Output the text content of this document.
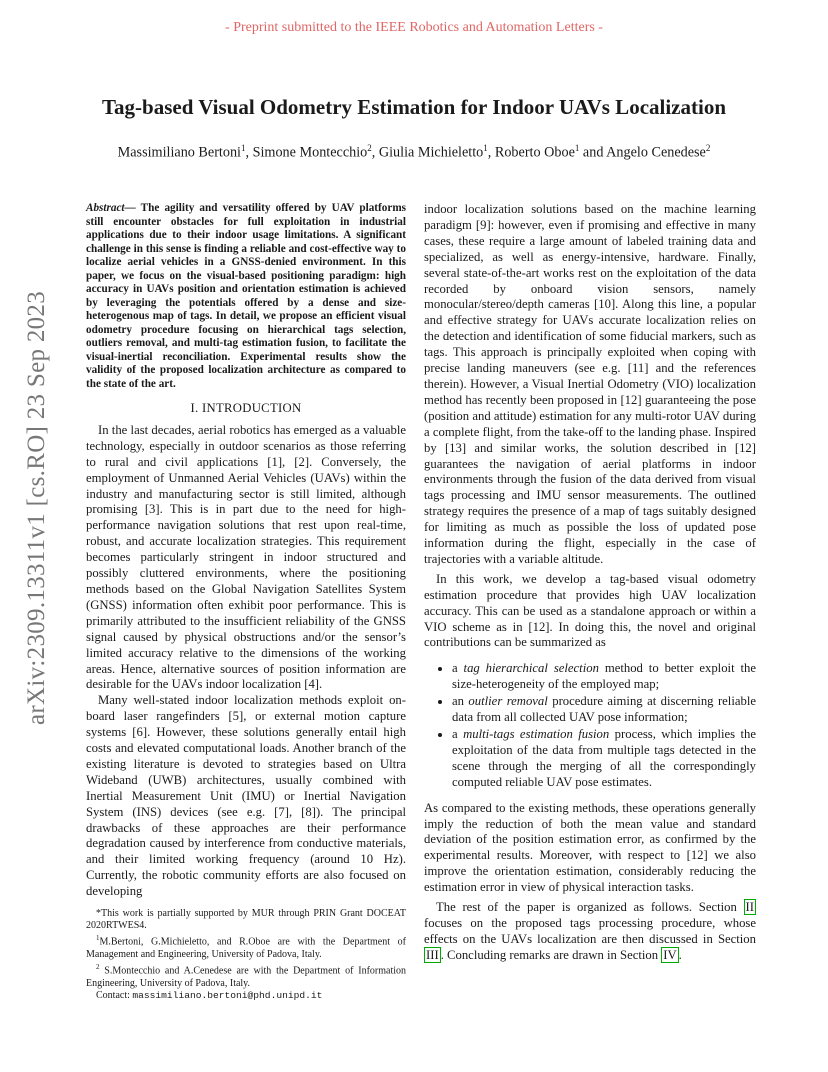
- Preprint submitted to the IEEE Robotics and Automation Letters -
arXiv:2309.13311v1 [cs.RO] 23 Sep 2023
Tag-based Visual Odometry Estimation for Indoor UAVs Localization
Massimiliano Bertoni$^1$, Simone Montecchio$^2$, Giulia Michieletto$^1$, Roberto Oboe$^1$ and Angelo Cenedese$^2$

Abstract— The agility and versatility offered by UAV platforms still encounter obstacles for full exploitation in industrial applications due to their indoor usage limitations. A significant challenge in this sense is finding a reliable and cost-effective way to localize aerial vehicles in a GNSS-denied environment. In this paper, we focus on the visual-based positioning paradigm: high accuracy in UAVs position and orientation estimation is achieved by leveraging the potentials offered by a dense and size-heterogenous map of tags. In detail, we propose an efficient visual odometry procedure focusing on hierarchical tags selection, outliers removal, and multi-tag estimation fusion, to facilitate the visual-inertial reconciliation. Experimental results show the validity of the proposed localization architecture as compared to the state of the art.

I. INTRODUCTION

In the last decades, aerial robotics has emerged as a valuable technology, especially in outdoor scenarios as those referring to rural and civil applications [1], [2]. Conversely, the employment of Unmanned Aerial Vehicles (UAVs) within the industry and manufacturing sector is still limited, although promising [3]. This is in part due to the need for high-performance navigation solutions that rest upon real-time, robust, and accurate localization strategies. This requirement becomes particularly stringent in indoor structured and possibly cluttered environments, where the positioning methods based on the Global Navigation Satellites System (GNSS) information often exhibit poor performance. This is primarily attributed to the insufficient reliability of the GNSS signal caused by physical obstructions and/or the sensor’s limited accuracy relative to the dimensions of the working areas. Hence, alternative sources of position information are desirable for the UAVs indoor localization [4].

Many well-stated indoor localization methods exploit on-board laser rangefinders [5], or external motion capture systems [6]. However, these solutions generally entail high costs and elevated computational loads. Another branch of the existing literature is devoted to strategies based on Ultra Wideband (UWB) architectures, usually combined with Inertial Measurement Unit (IMU) or Inertial Navigation System (INS) devices (see e.g. [7], [8]). The principal drawbacks of these approaches are their performance degradation caused by interference from conductive materials, and their limited working frequency (around 10 Hz). Currently, the robotic community efforts are also focused on developing

*This work is partially supported by MUR through PRIN Grant DOCEAT 2020RTWES4.

$^1$M.Bertoni, G.Michieletto, and R.Oboe are with the Department of Management and Engineering, University of Padova, Italy.

$^2$ S.Montecchio and A.Cenedese are with the Department of Information Engineering, University of Padova, Italy.

Contact: massimiliano.bertoni@phd.unipd.it

indoor localization solutions based on the machine learning paradigm [9]: however, even if promising and effective in many cases, these require a large amount of labeled training data and specialized, as well as energy-intensive, hardware. Finally, several state-of-the-art works rest on the exploitation of the data recorded by onboard vision sensors, namely monocular/stereo/depth cameras [10]. Along this line, a popular and effective strategy for UAVs accurate localization relies on the detection and identification of some fiducial markers, such as tags. This approach is principally exploited when coping with precise landing maneuvers (see e.g. [11] and the references therein). However, a Visual Inertial Odometry (VIO) localization method has recently been proposed in [12] guaranteeing the pose (position and attitude) estimation for any multi-rotor UAV during a complete flight, from the take-off to the landing phase. Inspired by [13] and similar works, the solution described in [12] guarantees the navigation of aerial platforms in indoor environments through the fusion of the data derived from visual tags processing and IMU sensor measurements. The outlined strategy requires the presence of a map of tags suitably designed for limiting as much as possible the loss of updated pose information during the flight, especially in the case of trajectories with a variable altitude.

In this work, we develop a tag-based visual odometry estimation procedure that provides high UAV localization accuracy. This can be used as a standalone approach or within a VIO scheme as in [12]. In doing this, the novel and original contributions can be summarized as

• a tag hierarchical selection method to better exploit the size-heterogeneity of the employed map;
• an outlier removal procedure aiming at discerning reliable data from all collected UAV pose information;
• a multi-tags estimation fusion process, which implies the exploitation of the data from multiple tags detected in the scene through the merging of all the correspondingly computed reliable UAV pose estimates.

As compared to the existing methods, these operations generally imply the reduction of both the mean value and standard deviation of the position estimation error, as confirmed by the experimental results. Moreover, with respect to [12] we also improve the orientation estimation, considerably reducing the estimation error in view of physical interaction tasks.

The rest of the paper is organized as follows. Section II focuses on the proposed tags processing procedure, whose effects on the UAVs localization are then discussed in Section III . Concluding remarks are drawn in Section IV .
